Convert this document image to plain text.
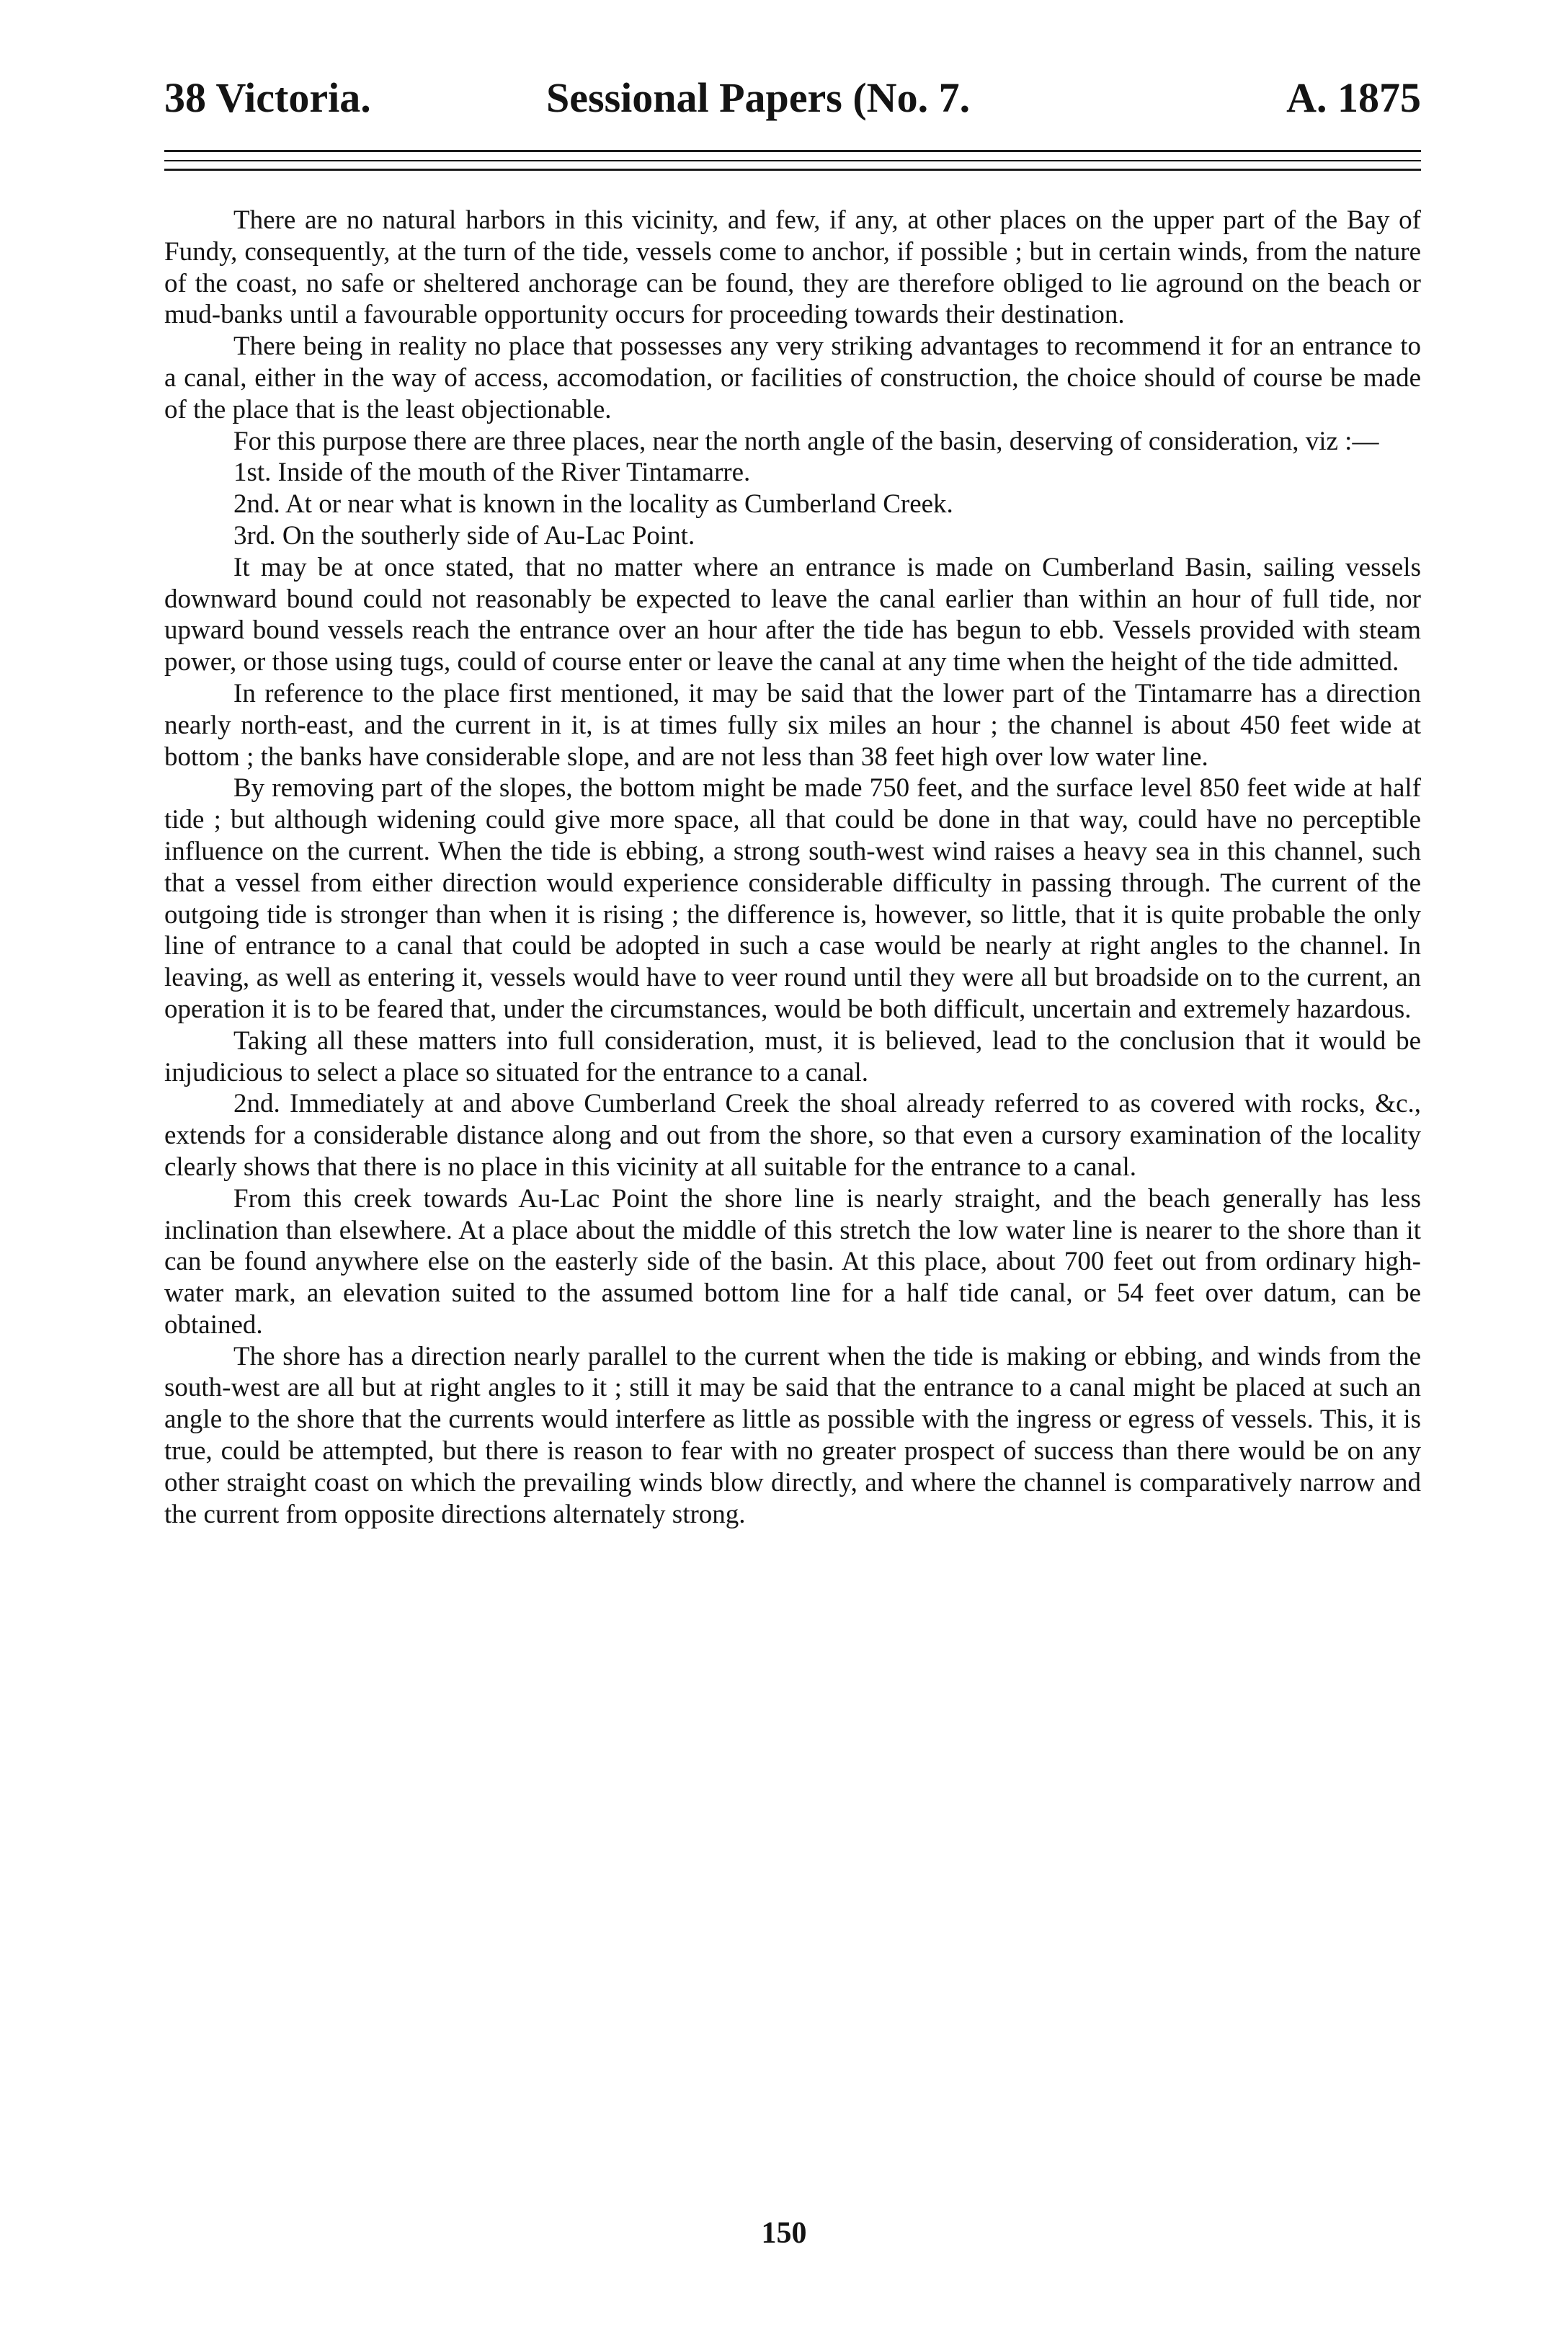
38 Victoria.	Sessional Papers (No. 7.	A. 1875

There are no natural harbors in this vicinity, and few, if any, at other places on the upper part of the Bay of Fundy, consequently, at the turn of the tide, vessels come to anchor, if possible ; but in certain winds, from the nature of the coast, no safe or sheltered anchorage can be found, they are therefore obliged to lie aground on the beach or mud-banks until a favourable opportunity occurs for proceeding towards their destination.

There being in reality no place that possesses any very striking advantages to recommend it for an entrance to a canal, either in the way of access, accomodation, or facilities of construction, the choice should of course be made of the place that is the least objectionable.

For this purpose there are three places, near the north angle of the basin, deserving of consideration, viz :—

1st. Inside of the mouth of the River Tintamarre.

2nd. At or near what is known in the locality as Cumberland Creek.

3rd. On the southerly side of Au-Lac Point.

It may be at once stated, that no matter where an entrance is made on Cumberland Basin, sailing vessels downward bound could not reasonably be expected to leave the canal earlier than within an hour of full tide, nor upward bound vessels reach the entrance over an hour after the tide has begun to ebb. Vessels provided with steam power, or those using tugs, could of course enter or leave the canal at any time when the height of the tide admitted.

In reference to the place first mentioned, it may be said that the lower part of the Tintamarre has a direction nearly north-east, and the current in it, is at times fully six miles an hour ; the channel is about 450 feet wide at bottom ; the banks have considerable slope, and are not less than 38 feet high over low water line.

By removing part of the slopes, the bottom might be made 750 feet, and the surface level 850 feet wide at half tide ; but although widening could give more space, all that could be done in that way, could have no perceptible influence on the current. When the tide is ebbing, a strong south-west wind raises a heavy sea in this channel, such that a vessel from either direction would experience considerable difficulty in passing through. The current of the outgoing tide is stronger than when it is rising ; the difference is, however, so little, that it is quite probable the only line of entrance to a canal that could be adopted in such a case would be nearly at right angles to the channel. In leaving, as well as entering it, vessels would have to veer round until they were all but broadside on to the current, an operation it is to be feared that, under the circumstances, would be both difficult, uncertain and extremely hazardous.

Taking all these matters into full consideration, must, it is believed, lead to the conclusion that it would be injudicious to select a place so situated for the entrance to a canal.

2nd. Immediately at and above Cumberland Creek the shoal already referred to as covered with rocks, &c., extends for a considerable distance along and out from the shore, so that even a cursory examination of the locality clearly shows that there is no place in this vicinity at all suitable for the entrance to a canal.

From this creek towards Au-Lac Point the shore line is nearly straight, and the beach generally has less inclination than elsewhere. At a place about the middle of this stretch the low water line is nearer to the shore than it can be found anywhere else on the easterly side of the basin. At this place, about 700 feet out from ordinary high-water mark, an elevation suited to the assumed bottom line for a half tide canal, or 54 feet over datum, can be obtained.

The shore has a direction nearly parallel to the current when the tide is making or ebbing, and winds from the south-west are all but at right angles to it ; still it may be said that the entrance to a canal might be placed at such an angle to the shore that the currents would interfere as little as possible with the ingress or egress of vessels. This, it is true, could be attempted, but there is reason to fear with no greater prospect of success than there would be on any other straight coast on which the prevailing winds blow directly, and where the channel is comparatively narrow and the current from opposite directions alternately strong.

150
